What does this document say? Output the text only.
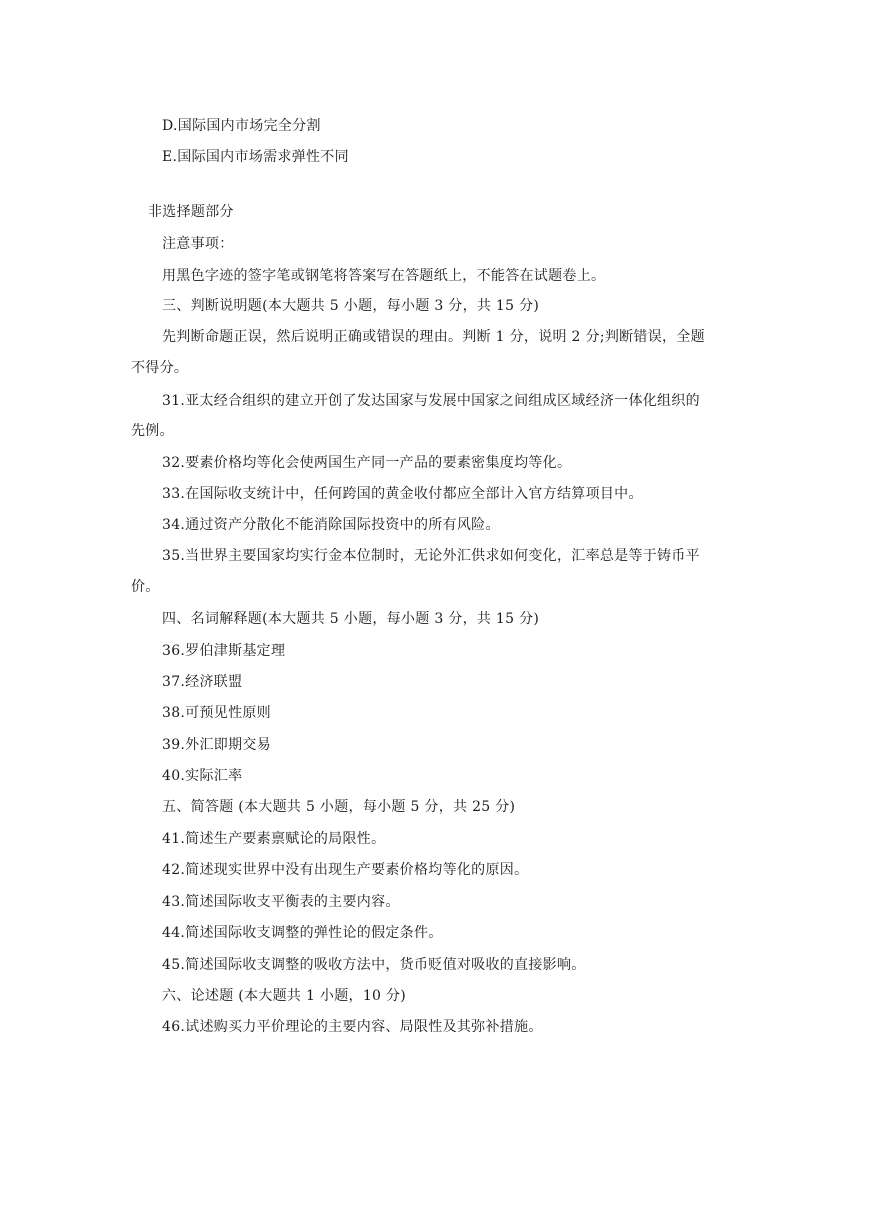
D.国际国内市场完全分割
E.国际国内市场需求弹性不同
非选择题部分
注意事项：
用黑色字迹的签字笔或钢笔将答案写在答题纸上，不能答在试题卷上。
三、判断说明题(本大题共 5 小题，每小题 3 分，共 15 分)
先判断命题正误，然后说明正确或错误的理由。判断 1 分，说明 2 分;判断错误，全题
不得分。
31.亚太经合组织的建立开创了发达国家与发展中国家之间组成区域经济一体化组织的
先例。
32.要素价格均等化会使两国生产同一产品的要素密集度均等化。
33.在国际收支统计中，任何跨国的黄金收付都应全部计入官方结算项目中。
34.通过资产分散化不能消除国际投资中的所有风险。
35.当世界主要国家均实行金本位制时，无论外汇供求如何变化，汇率总是等于铸币平
价。
四、名词解释题(本大题共 5 小题，每小题 3 分，共 15 分)
36.罗伯津斯基定理
37.经济联盟
38.可预见性原则
39.外汇即期交易
40.实际汇率
五、简答题 (本大题共 5 小题，每小题 5 分，共 25 分)
41.简述生产要素禀赋论的局限性。
42.简述现实世界中没有出现生产要素价格均等化的原因。
43.简述国际收支平衡表的主要内容。
44.简述国际收支调整的弹性论的假定条件。
45.简述国际收支调整的吸收方法中，货币贬值对吸收的直接影响。
六、论述题 (本大题共 1 小题，10 分)
46.试述购买力平价理论的主要内容、局限性及其弥补措施。
